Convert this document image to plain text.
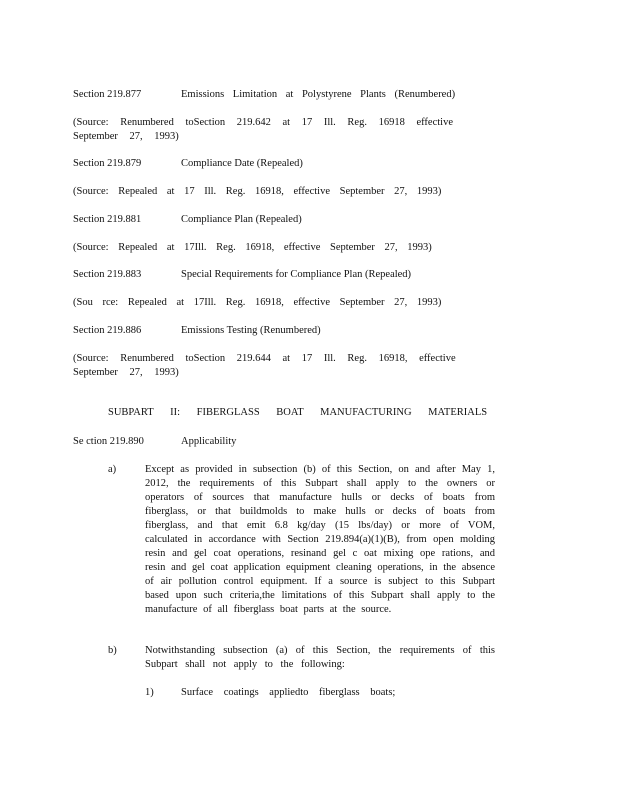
Section 219.877	Emissions Limitation at Polystyrene Plants (Renumbered)
(Source: Renumbered toSection 219.642 at 17 Ill. Reg. 16918 effective September 27, 1993)
Section 219.879	Compliance Date (Repealed)
(Source: Repealed at 17 Ill. Reg. 16918, effective September 27, 1993)
Section 219.881	Compliance Plan (Repealed)
(Source: Repealed at 17Ill. Reg. 16918, effective September 27, 1993)
Section 219.883	Special Requirements for Compliance Plan (Repealed)
(Sou rce: Repealed at 17Ill. Reg. 16918, effective September 27, 1993)
Section 219.886	Emissions Testing (Renumbered)
(Source: Renumbered toSection 219.644 at 17 Ill. Reg. 16918, effective September 27, 1993)
SUBPART II: FIBERGLASS BOAT MANUFACTURING MATERIALS
Se ction 219.890	Applicability
a)	Except as provided in subsection (b) of this Section, on and after May 1, 2012, the requirements of this Subpart shall apply to the owners or operators of sources that manufacture hulls or decks of boats from fiberglass, or that buildmolds to make hulls or decks of boats from fiberglass, and that emit 6.8 kg/day (15 lbs/day) or more of VOM, calculated in accordance with Section 219.894(a)(1)(B), from open molding resin and gel coat operations, resinand gel c oat mixing ope rations, and resin and gel coat application equipment cleaning operations, in the absence of air pollution control equipment. If a source is subject to this Subpart based upon such criteria,the limitations of this Subpart shall apply to the manufacture of all fiberglass boat parts at the source.
b)	Notwithstanding subsection (a) of this Section, the requirements of this Subpart shall not apply to the following:
1)	Surface coatings appliedto fiberglass boats;
